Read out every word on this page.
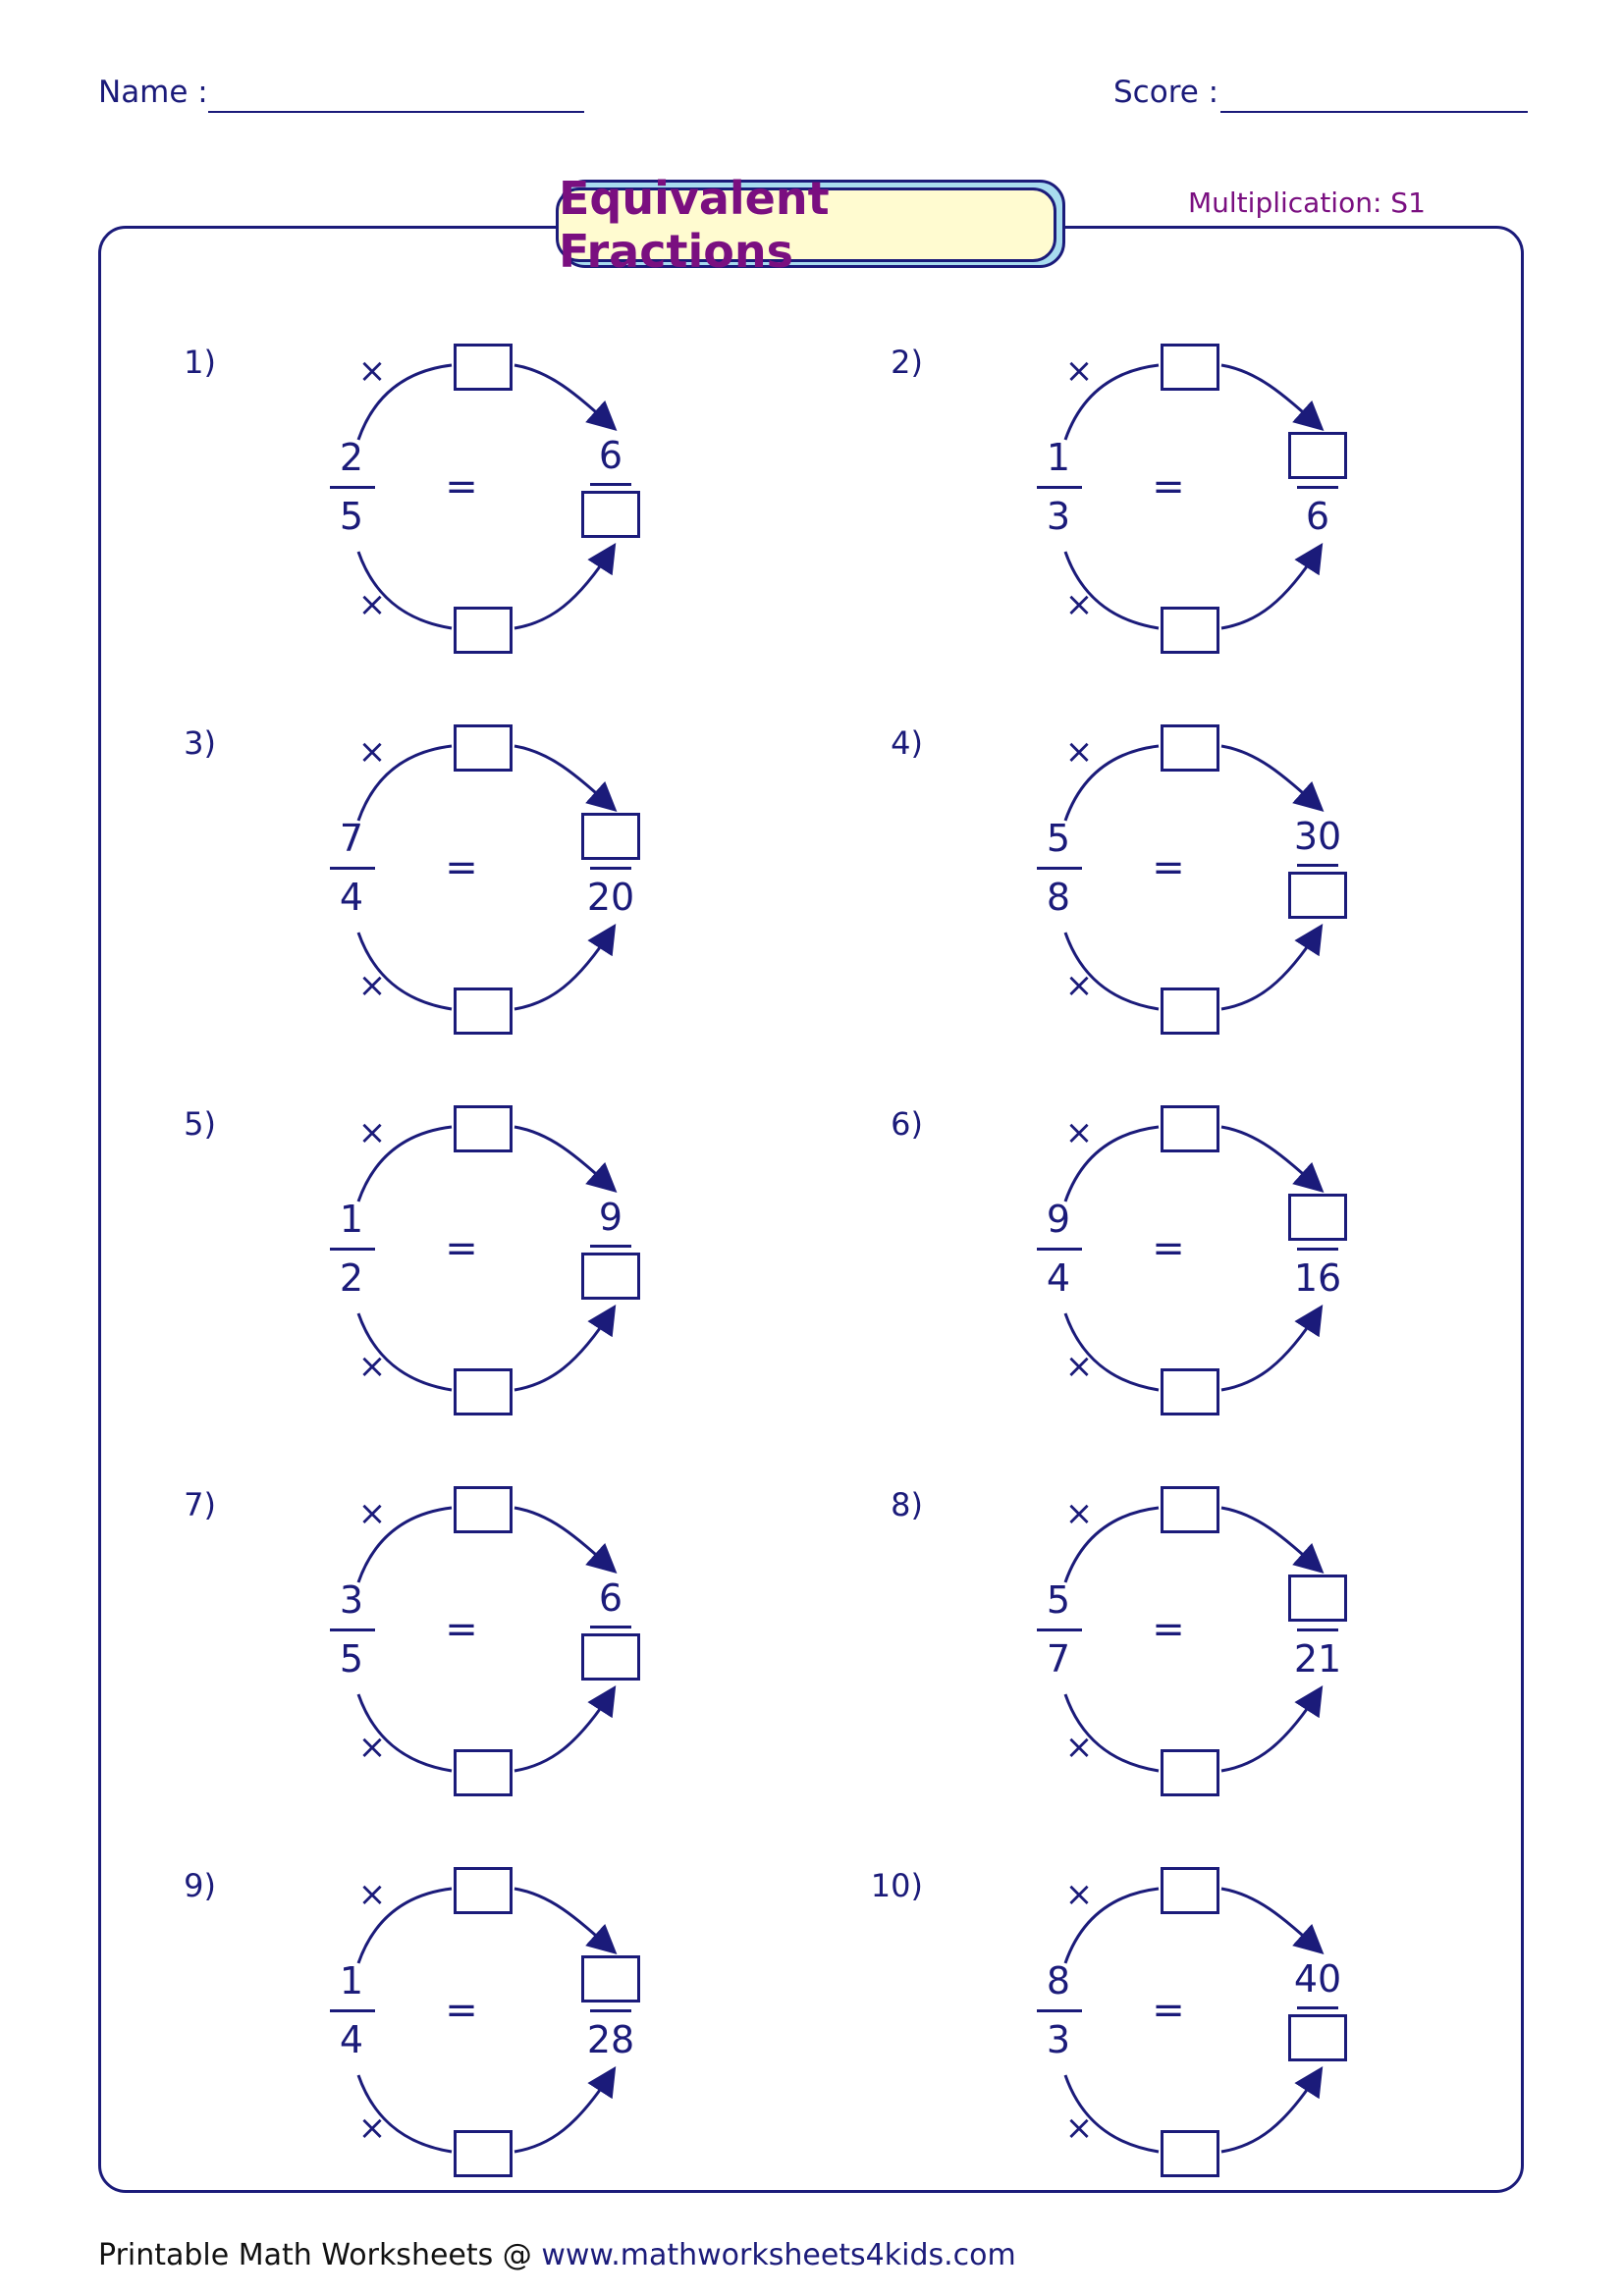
Name :	Score :
Equivalent Fractions
Multiplication: S1
1)	×
×
2
5
=
6
2)	×
×
1
3
=
6
3)	×
×
7
4
=
20
4)	×
×
5
8
=
30
5)	×
×
1
2
=
9
6)	×
×
9
4
=
16
7)	×
×
3
5
=
6
8)	×
×
5
7
=
21
9)	×
×
1
4
=
28
10)	×
×
8
3
=
40
Printable Math Worksheets @ www.mathworksheets4kids.com
